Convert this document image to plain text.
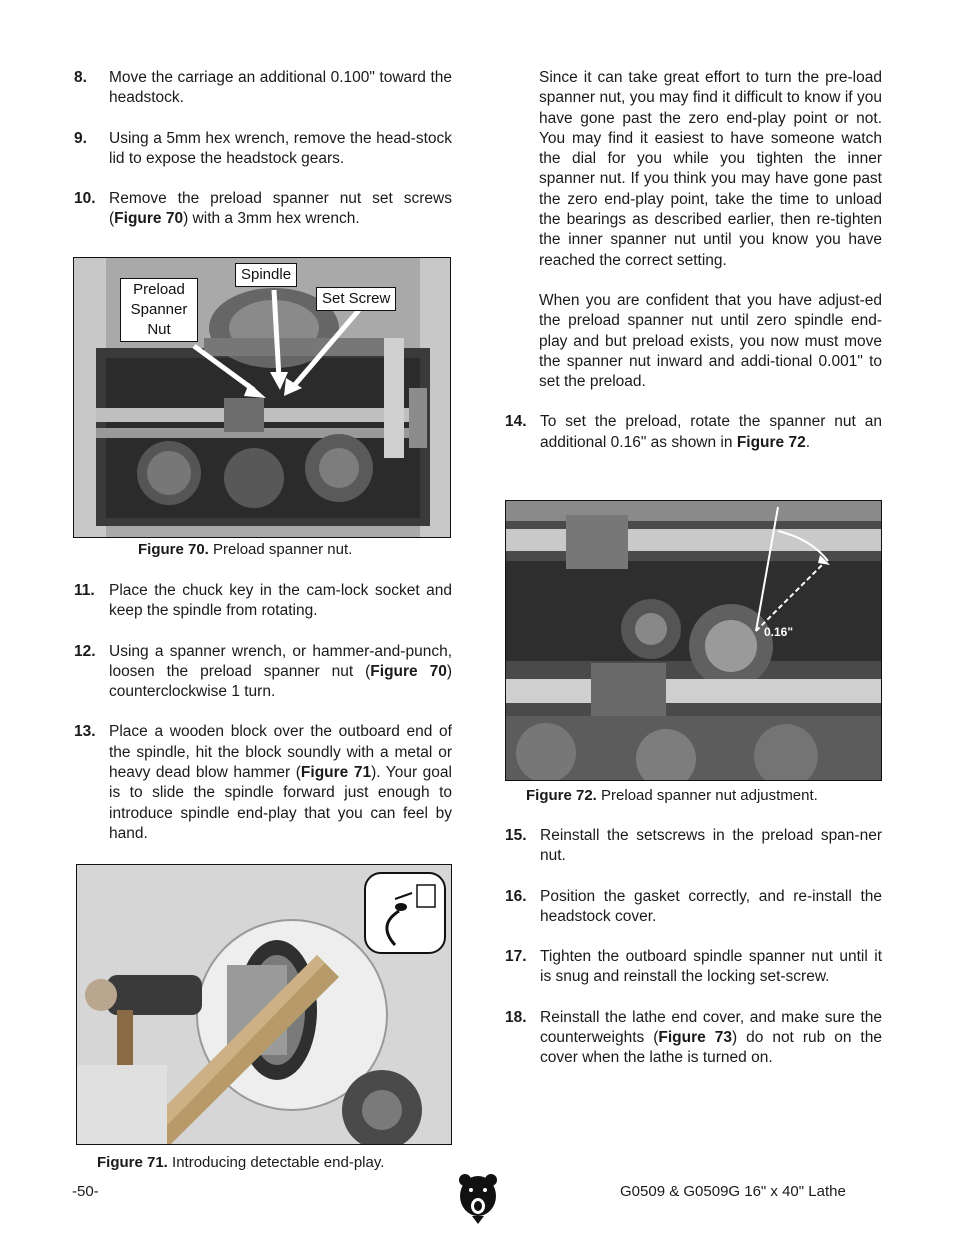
8.	Move the carriage an additional 0.100" toward the headstock.
9.	Using a 5mm hex wrench, remove the head-stock lid to expose the headstock gears.
10. Remove the preload spanner nut set screws (Figure 70) with a 3mm hex wrench.
Preload Spanner Nut
Spindle
Set Screw
Figure 70. Preload spanner nut.
11. Place the chuck key in the cam-lock socket and keep the spindle from rotating.
12. Using a spanner wrench, or hammer-and-punch, loosen the preload spanner nut (Figure 70) counterclockwise 1 turn.
13. Place a wooden block over the outboard end of the spindle, hit the block soundly with a metal or heavy dead blow hammer (Figure 71). Your goal is to slide the spindle forward just enough to introduce spindle end-play that you can feel by hand.
Figure 71. Introducing detectable end-play.
Since it can take great effort to turn the pre-load spanner nut, you may find it difficult to know if you have gone past the zero end-play point or not. You may find it easiest to have someone watch the dial for you while you tighten the inner spanner nut. If you think you may have gone past the zero end-play point, take the time to unload the bearings as described earlier, then re-tighten the inner spanner nut until you know you have reached the correct setting.
When you are confident that you have adjust-ed the preload spanner nut until zero spindle end-play and but preload exists, you now must move the spanner nut inward and addi-tional 0.001" to set the preload.
14. To set the preload, rotate the spanner nut an additional 0.16" as shown in Figure 72.
0.16"
Figure 72. Preload spanner nut adjustment.
15. Reinstall the setscrews in the preload span-ner nut.
16. Position the gasket correctly, and re-install the headstock cover.
17. Tighten the outboard spindle spanner nut until it is snug and reinstall the locking set-screw.
18. Reinstall the lathe end cover, and make sure the counterweights (Figure 73) do not rub on the cover when the lathe is turned on.
-50-	G0509 & G0509G 16" x 40" Lathe
